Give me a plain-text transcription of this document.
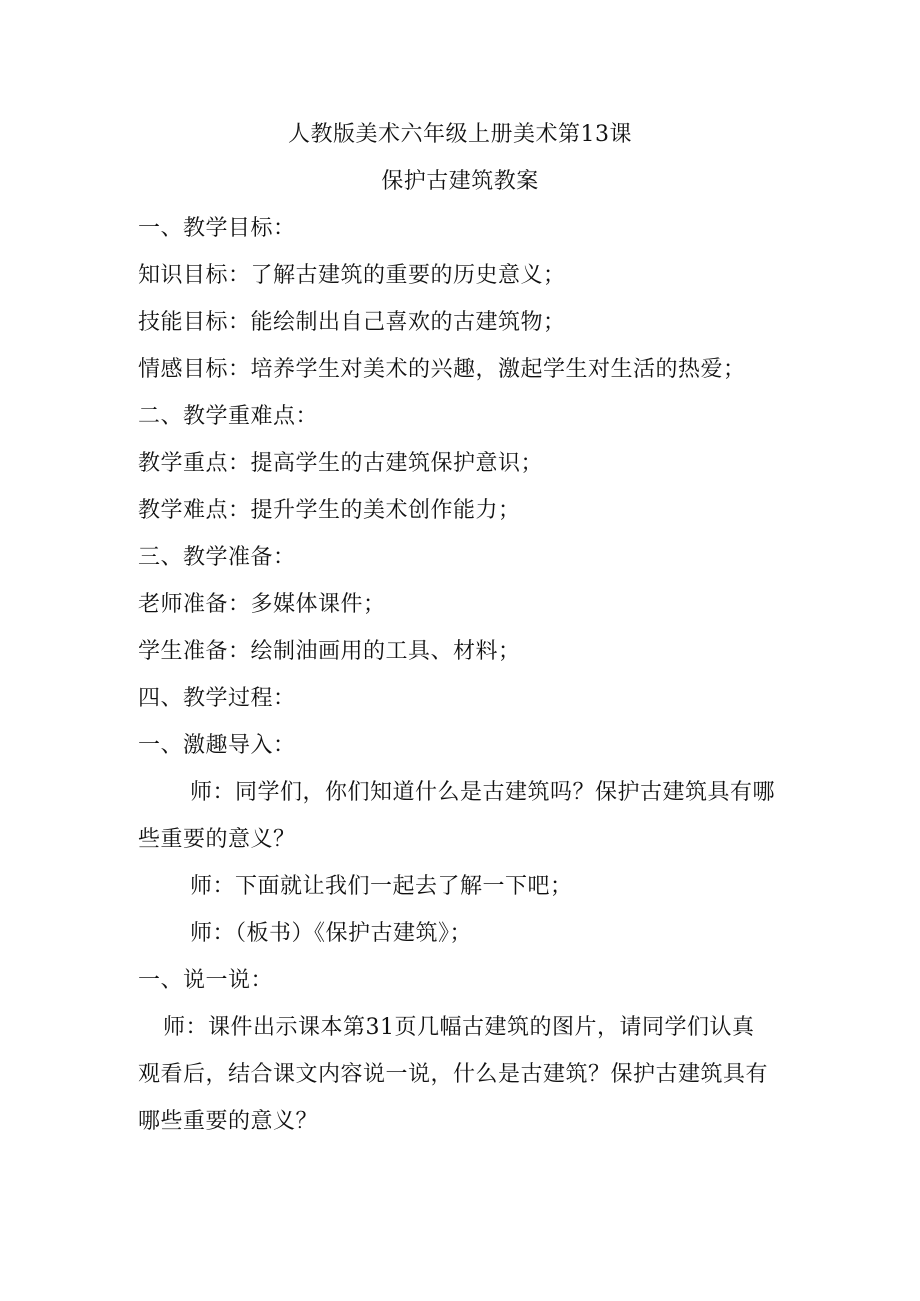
人教版美术六年级上册美术第13课
保护古建筑教案
一、教学目标：
知识目标：了解古建筑的重要的历史意义；
技能目标：能绘制出自己喜欢的古建筑物；
情感目标：培养学生对美术的兴趣，激起学生对生活的热爱；
二、教学重难点：
教学重点：提高学生的古建筑保护意识；
教学难点：提升学生的美术创作能力；
三、教学准备：
老师准备：多媒体课件；
学生准备：绘制油画用的工具、材料；
四、教学过程：
一、激趣导入：
师：同学们，你们知道什么是古建筑吗？保护古建筑具有哪
些重要的意义？
师：下面就让我们一起去了解一下吧；
师：（板书）《保护古建筑》；
一、说一说：
师：课件出示课本第31页几幅古建筑的图片，请同学们认真
观看后，结合课文内容说一说，什么是古建筑？保护古建筑具有
哪些重要的意义？
